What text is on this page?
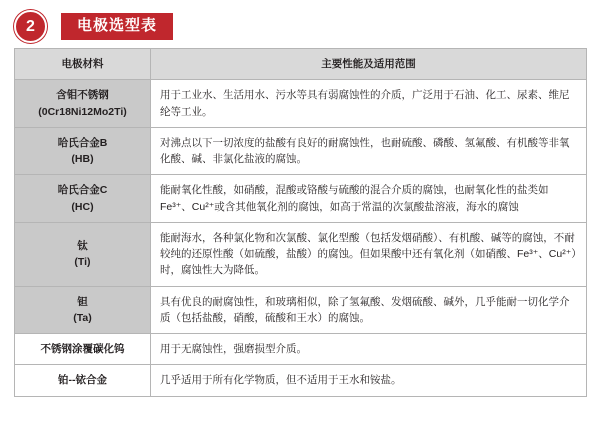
2	电极选型表
电极材料	主要性能及适用范围
含钼不锈钢
(0Cr18Ni12Mo2Ti)	用于工业水、生活用水、污水等具有弱腐蚀性的介质，广泛用于石油、化工、尿素、维尼纶等工业。
哈氏合金B
(HB)	对沸点以下一切浓度的盐酸有良好的耐腐蚀性，也耐硫酸、磷酸、氢氟酸、有机酸等非氧化酸、碱、非氯化盐液的腐蚀。
哈氏合金C
(HC)	能耐氧化性酸，如硝酸，混酸或铬酸与硫酸的混合介质的腐蚀，也耐氧化性的盐类如Fe³⁺、Cu²⁺或含其他氧化剂的腐蚀，如高于常温的次氯酸盐溶液，海水的腐蚀
钛
(Ti)	能耐海水，各种氯化物和次氯酸、氯化型酸（包括发烟硝酸）、有机酸、碱等的腐蚀，不耐较纯的还原性酸（如硫酸，盐酸）的腐蚀。但如果酸中还有氧化剂（如硝酸、Fe³⁺、Cu²⁺）时，腐蚀性大为降低。
钽
(Ta)	具有优良的耐腐蚀性，和玻璃相似，除了氢氟酸、发烟硫酸、碱外，几乎能耐一切化学介质（包括盐酸，硝酸，硫酸和王水）的腐蚀。
不锈钢涂覆碳化钨	用于无腐蚀性，强磨损型介质。
铂--铱合金	几乎适用于所有化学物质，但不适用于王水和铵盐。
